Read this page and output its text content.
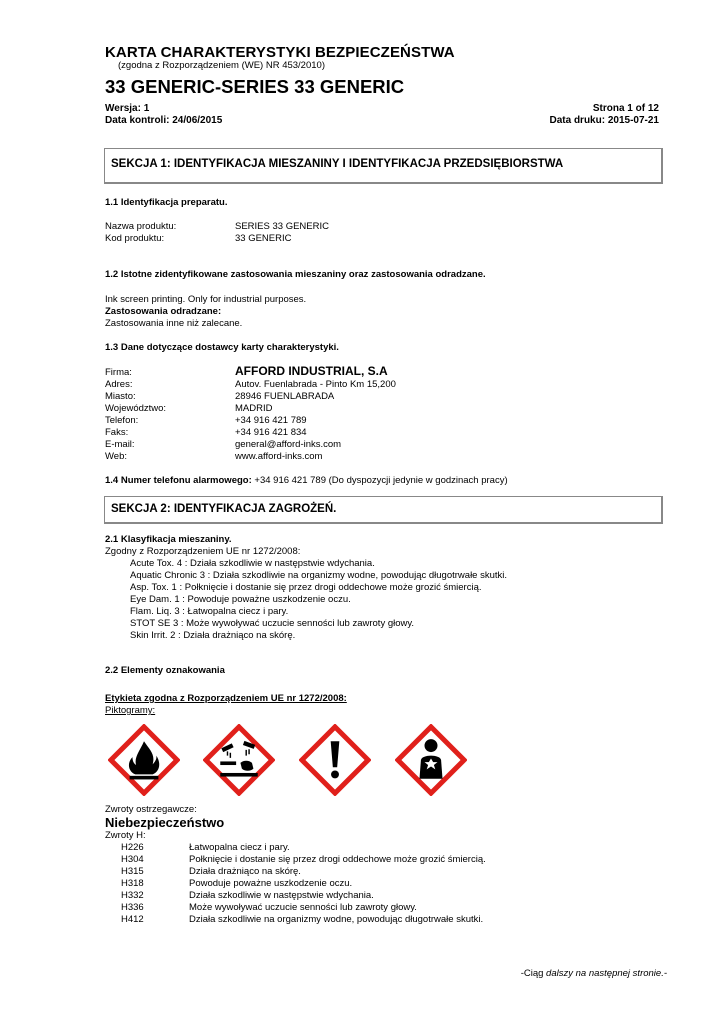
KARTA CHARAKTERYSTYKI BEZPIECZEŃSTWA
(zgodna z Rozporządzeniem (WE) NR 453/2010)
33 GENERIC-SERIES 33 GENERIC
Wersja: 1
Data kontroli: 24/06/2015
Strona 1 of 12
Data druku: 2015-07-21
SEKCJA 1: IDENTYFIKACJA MIESZANINY I IDENTYFIKACJA PRZEDSIĘBIORSTWA
1.1 Identyfikacja preparatu.
Nazwa produktu:	SERIES 33 GENERIC
Kod produktu:	33 GENERIC
1.2 Istotne zidentyfikowane zastosowania mieszaniny oraz zastosowania odradzane.
Ink screen printing. Only for industrial purposes.
Zastosowania odradzane:
Zastosowania inne niż zalecane.
1.3 Dane dotyczące dostawcy karty charakterystyki.
Firma:	AFFORD INDUSTRIAL, S.A
Adres:	Autov. Fuenlabrada - Pinto Km 15,200
Miasto:	28946 FUENLABRADA
Województwo:	MADRID
Telefon:	+34 916 421 789
Faks:	+34 916 421 834
E-mail:	general@afford-inks.com
Web:	www.afford-inks.com
1.4 Numer telefonu alarmowego: +34 916 421 789 (Do dyspozycji jedynie w godzinach pracy)
SEKCJA 2: IDENTYFIKACJA ZAGROŻEŃ.
2.1 Klasyfikacja mieszaniny.
Zgodny z Rozporządzeniem UE nr 1272/2008:
Acute Tox. 4 : Działa szkodliwie w następstwie wdychania.
Aquatic Chronic 3 : Działa szkodliwie na organizmy wodne, powodując długotrwałe skutki.
Asp. Tox. 1 : Połknięcie i dostanie się przez drogi oddechowe może grozić śmiercią.
Eye Dam. 1 : Powoduje poważne uszkodzenie oczu.
Flam. Liq. 3 : Łatwopalna ciecz i pary.
STOT SE 3 : Może wywoływać uczucie senności lub zawroty głowy.
Skin Irrit. 2 : Działa drażniąco na skórę.
2.2 Elementy oznakowania
Etykieta zgodna z Rozporządzeniem UE nr 1272/2008:
Piktogramy:
Zwroty ostrzegawcze:
Niebezpieczeństwo
Zwroty H:
H226	Łatwopalna ciecz i pary.
H304	Połknięcie i dostanie się przez drogi oddechowe może grozić śmiercią.
H315	Działa drażniąco na skórę.
H318	Powoduje poważne uszkodzenie oczu.
H332	Działa szkodliwie w następstwie wdychania.
H336	Może wywoływać uczucie senności lub zawroty głowy.
H412	Działa szkodliwie na organizmy wodne, powodując długotrwałe skutki.
-Ciąg dalszy na następnej stronie.-
